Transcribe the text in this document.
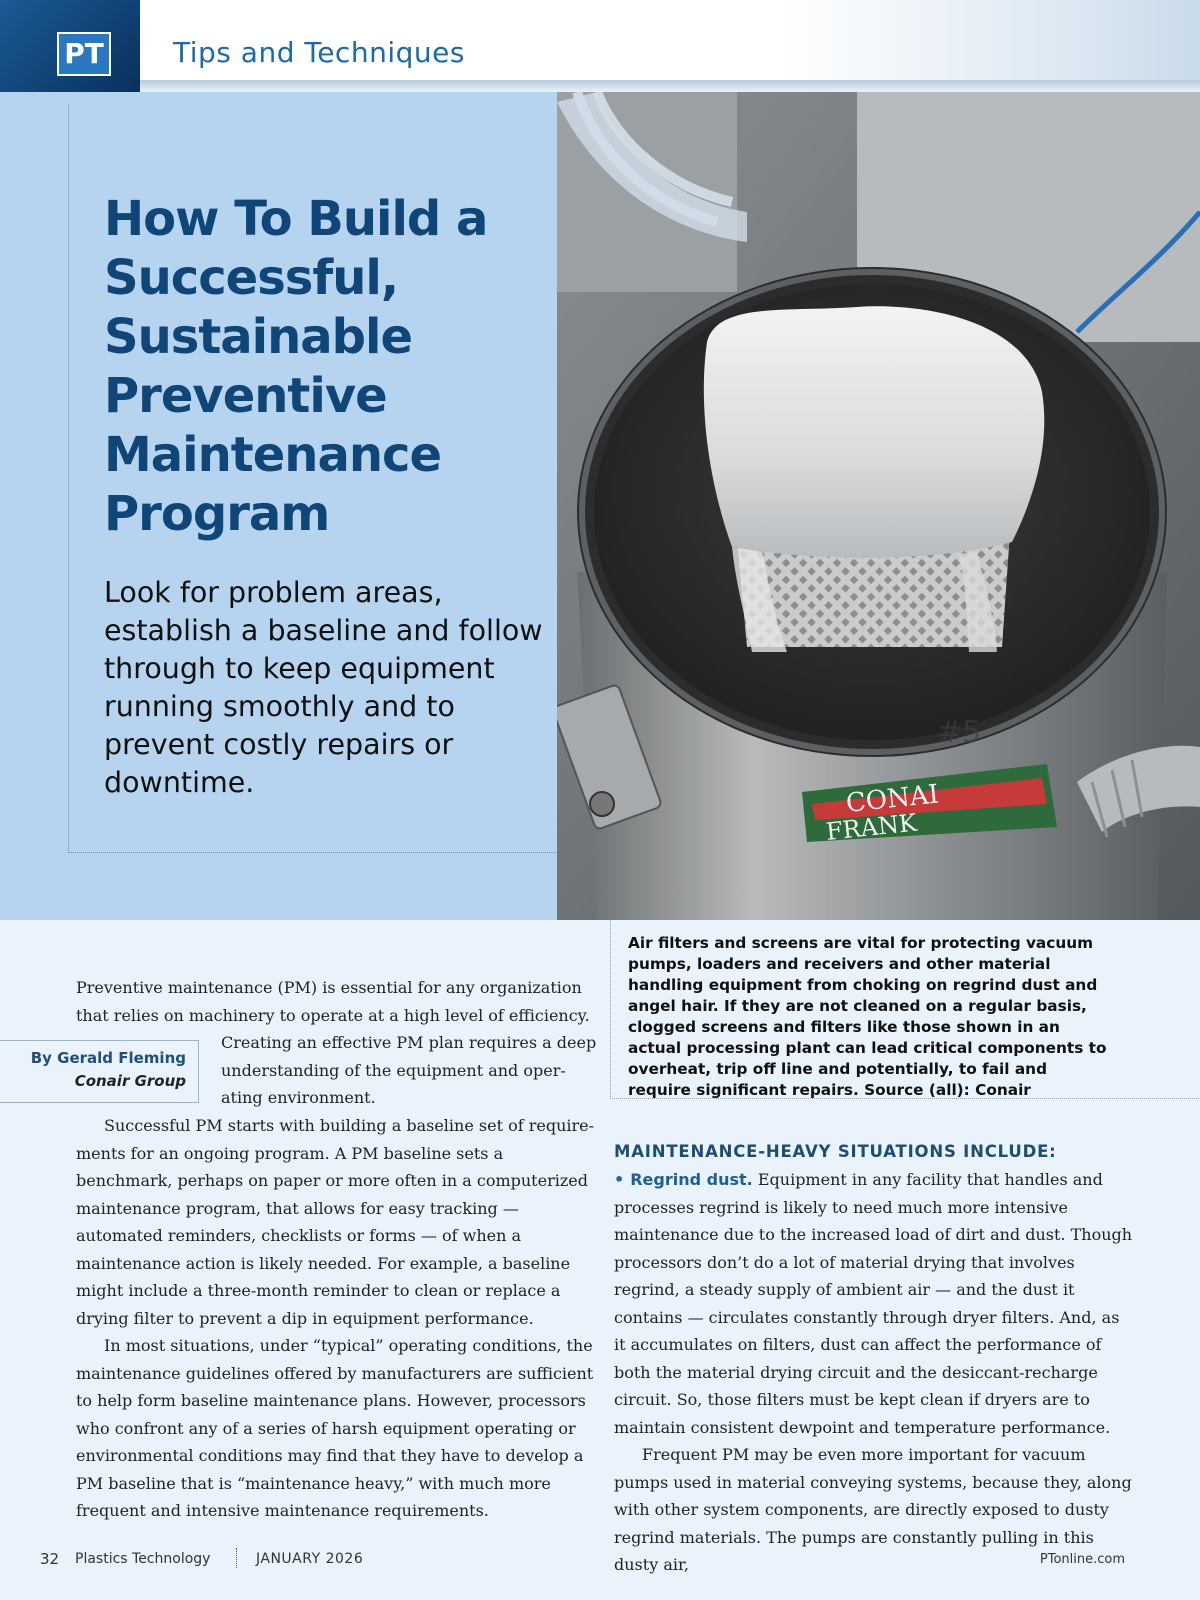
PT Tips and Techniques
How To Build a Successful, Sustainable Preventive Maintenance Program

Look for problem areas, establish a baseline and follow through to keep equipment running smoothly and to prevent costly repairs or downtime.	CONAI
FRANK
#5

Air filters and screens are vital for protecting vacuum pumps, loaders and receivers and other material handling equipment from choking on regrind dust and angel hair. If they are not cleaned on a regular basis, clogged screens and filters like those shown in an actual processing plant can lead critical components to overheat, trip off line and potentially, to fail and require significant repairs. Source (all): Conair

Preventive maintenance (PM) is essential for any organization that relies on machinery to operate at a high level of efficiency.

By Gerald Fleming
Conair Group

Creating an effective PM plan requires a deep understanding of the equipment and operating environment.

Successful PM starts with building a baseline set of requirements for an ongoing program. A PM baseline sets a benchmark, perhaps on paper or more often in a computerized maintenance program, that allows for easy tracking — automated reminders, checklists or forms — of when a maintenance action is likely needed. For example, a baseline might include a three-month reminder to clean or replace a drying filter to prevent a dip in equipment performance.

In most situations, under “typical” operating conditions, the maintenance guidelines offered by manufacturers are sufficient to help form baseline maintenance plans. However, processors who confront any of a series of harsh equipment operating or environmental conditions may find that they have to develop a PM baseline that is “maintenance heavy,” with much more frequent and intensive maintenance requirements.

MAINTENANCE-HEAVY SITUATIONS INCLUDE:

• Regrind dust. Equipment in any facility that handles and processes regrind is likely to need much more intensive maintenance due to the increased load of dirt and dust. Though processors don’t do a lot of material drying that involves regrind, a steady supply of ambient air — and the dust it contains — circulates constantly through dryer filters. And, as it accumulates on filters, dust can affect the performance of both the material drying circuit and the desiccant-recharge circuit. So, those filters must be kept clean if dryers are to maintain consistent dewpoint and temperature performance.

Frequent PM may be even more important for vacuum pumps used in material conveying systems, because they, along with other system components, are directly exposed to dusty regrind materials. The pumps are constantly pulling in this dusty air,

32 Plastics Technology	JANUARY 2026	PTonline.com
